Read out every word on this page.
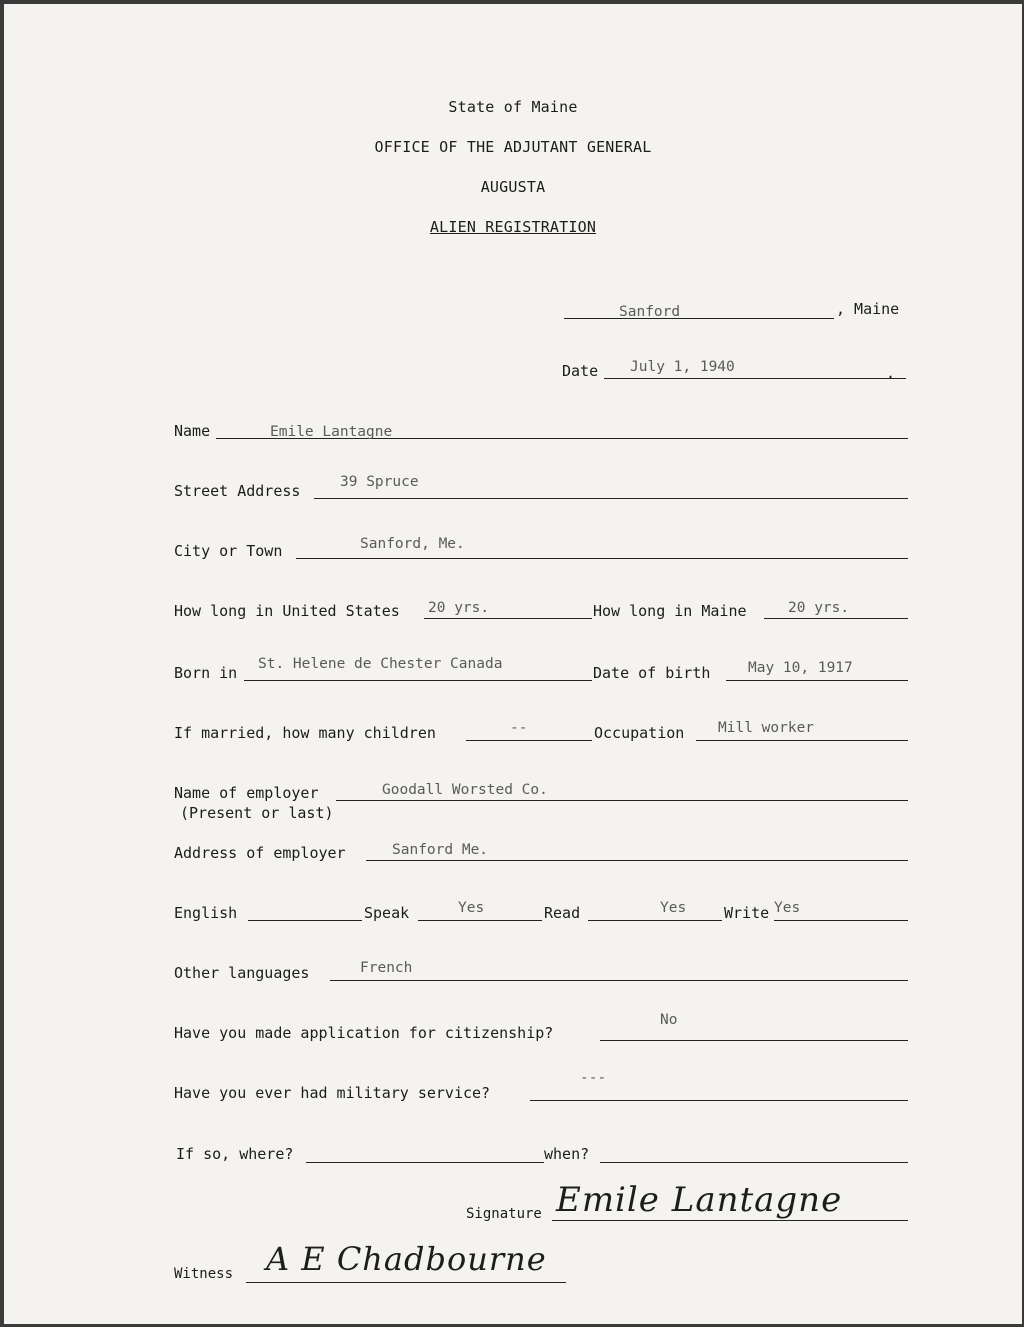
State of Maine
OFFICE OF THE ADJUTANT GENERAL
AUGUSTA
ALIEN REGISTRATION
Sanford	, Maine
Date July 1, 1940	.
Name	Emile Lantagne
Street Address	39 Spruce
City or Town	Sanford, Me.
How long in United States 20 yrs.	How long in Maine	20 yrs.
Born in St. Helene de Chester Canada	Date of birth	May 10, 1917
If married, how many children	--	Occupation Mill worker
Name of employer
(Present or last)
Goodall Worsted Co.
Address of employer	Sanford Me.
English	Speak	Yes	Read	Yes	Write Yes
Other languages	French
Have you made application for citizenship?
No
Have you ever had military service?
---
If so, where?	when?
Signature Emile Lantagne
Witness A E Chadbourne
